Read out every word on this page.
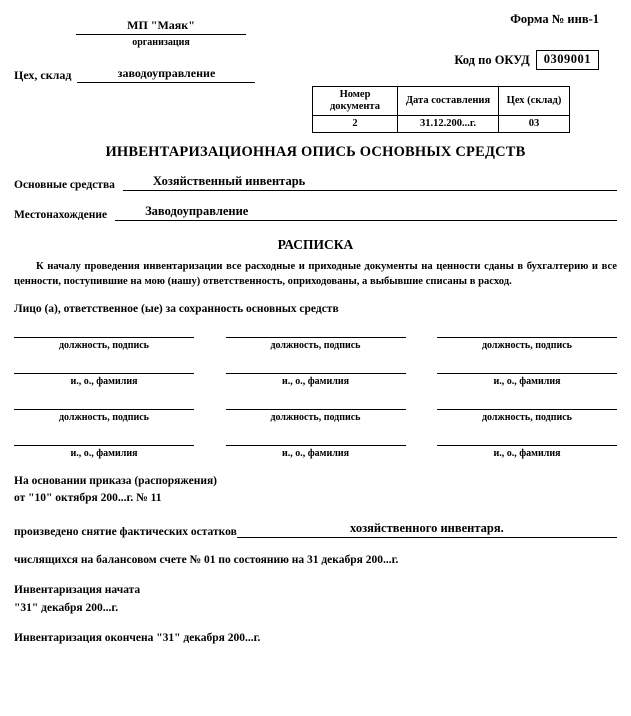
МП "Маяк"
организация
Форма № инв-1
Код по ОКУД	0309001
Цех, склад	заводоуправление
Номер документа	Дата составления	Цех (склад)
2	31.12.200...г.	03
ИНВЕНТАРИЗАЦИОННАЯ ОПИСЬ ОСНОВНЫХ СРЕДСТВ
Основные средства	Хозяйственный инвентарь
Местонахождение	Заводоуправление
РАСПИСКА
К началу проведения инвентаризации все расходные и приходные документы на ценности сданы в бухгалтерию и все ценности, поступившие на мою (нашу) ответственность, оприходованы, а выбывшие списаны в расход.
Лицо (а), ответственное (ые) за сохранность основных средств
должность, подпись	должность, подпись	должность, подпись
и., о., фамилия	и., о., фамилия	и., о., фамилия
должность, подпись	должность, подпись	должность, подпись
и., о., фамилия	и., о., фамилия	и., о., фамилия
На основании приказа (распоряжения)
от "10" октября 200...г. № 11
произведено снятие фактических остатков	хозяйственного инвентаря.
числящихся на балансовом счете № 01 по состоянию на 31 декабря 200...г.
Инвентаризация начата
"31" декабря 200...г.
Инвентаризация окончена "31" декабря 200...г.
